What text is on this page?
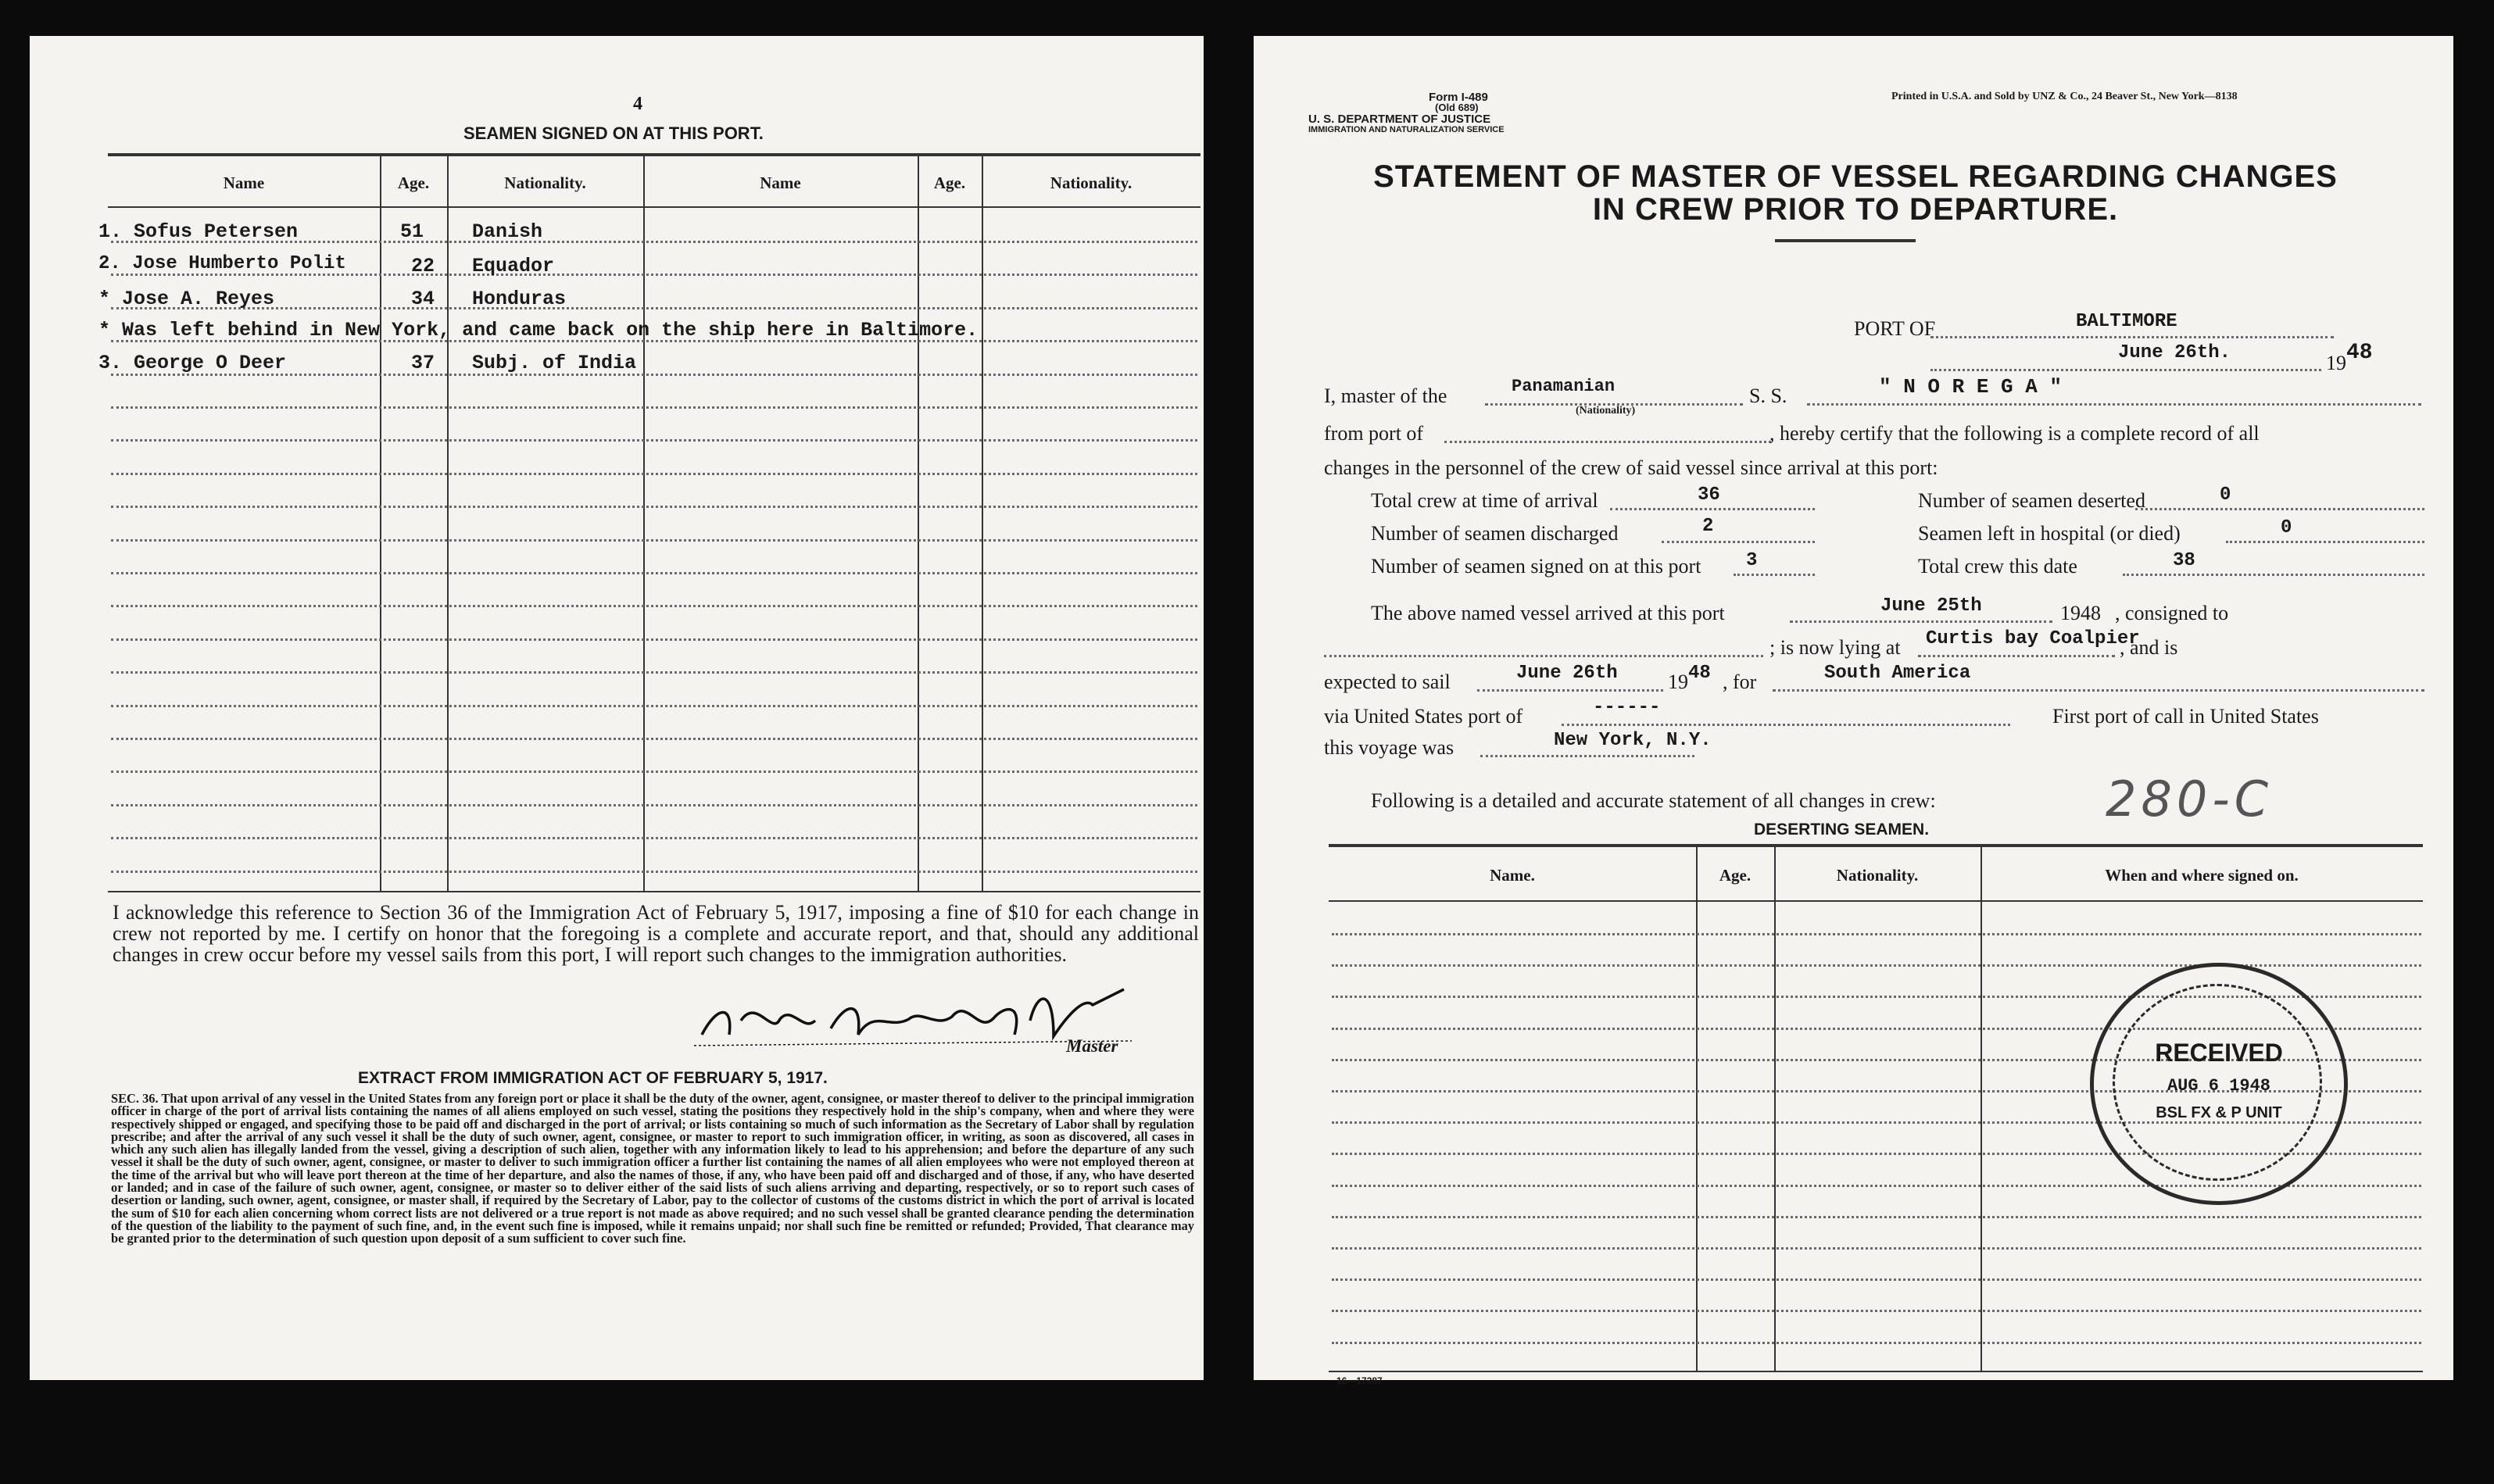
4
SEAMEN SIGNED ON AT THIS PORT.
Name	Age.	Nationality.	Name	Age.	Nationality.
1. Sofus Petersen	51 Danish
2. Jose Humberto Polit	22 Equador
* Jose A. Reyes	34 Honduras
* Was left behind in New York, and came back on the ship here in Baltimore.
3. George O Deer	37 Subj. of India
I acknowledge this reference to Section 36 of the Immigration Act of February 5, 1917, imposing a fine of $10 for each change in crew not reported by me. I certify on honor that the foregoing is a complete and accurate report, and that, should any additional changes in crew occur before my vessel sails from this port, I will report such changes to the immigration authorities.
Master
EXTRACT FROM IMMIGRATION ACT OF FEBRUARY 5, 1917.
SEC. 36. That upon arrival of any vessel in the United States from any foreign port or place it shall be the duty of the owner, agent, consignee, or master thereof to deliver to the principal immigration officer in charge of the port of arrival lists containing the names of all aliens employed on such vessel, stating the positions they respectively hold in the ship's company, when and where they were respectively shipped or engaged, and specifying those to be paid off and discharged in the port of arrival; or lists containing so much of such information as the Secretary of Labor shall by regulation prescribe; and after the arrival of any such vessel it shall be the duty of such owner, agent, consignee, or master to report to such immigration officer, in writing, as soon as discovered, all cases in which any such alien has illegally landed from the vessel, giving a description of such alien, together with any information likely to lead to his apprehension; and before the departure of any such vessel it shall be the duty of such owner, agent, consignee, or master to deliver to such immigration officer a further list containing the names of all alien employees who were not employed thereon at the time of the arrival but who will leave port thereon at the time of her departure, and also the names of those, if any, who have been paid off and discharged and of those, if any, who have deserted or landed; and in case of the failure of such owner, agent, consignee, or master so to deliver either of the said lists of such aliens arriving and departing, respectively, or so to report such cases of desertion or landing, such owner, agent, consignee, or master shall, if required by the Secretary of Labor, pay to the collector of customs of the customs district in which the port of arrival is located the sum of $10 for each alien concerning whom correct lists are not delivered or a true report is not made as above required; and no such vessel shall be granted clearance pending the determination of the question of the liability to the payment of such fine, and, in the event such fine is imposed, while it remains unpaid; nor shall such fine be remitted or refunded; Provided, That clearance may be granted prior to the determination of such question upon deposit of a sum sufficient to cover such fine.
Form I-489
(Old 689)
U. S. DEPARTMENT OF JUSTICE
IMMIGRATION AND NATURALIZATION SERVICE
Printed in U.S.A. and Sold by UNZ & Co., 24 Beaver St., New York—8138
STATEMENT OF MASTER OF VESSEL REGARDING CHANGES
IN CREW PRIOR TO DEPARTURE.
PORT OF	BALTIMORE
June 26th.	19 48
I, master of the	Panamanian
(Nationality)
S. S.	" N O R E G A "
from port of	, hereby certify that the following is a complete record of all
changes in the personnel of the crew of said vessel since arrival at this port:
Total crew at time of arrival	36	Number of seamen deserted	0
Number of seamen discharged	2	Seamen left in hospital (or died)	0
Number of seamen signed on at this port 3	Total crew this date	38
The above named vessel arrived at this port	June 25th	1948 , consigned to
; is now lying at Curtis bay Coalpier
, and is
expected to sail	June 26th 19 48 , for	South America
via United States port of	------	First port of call in United States
this voyage was	New York, N.Y.
Following is a detailed and accurate statement of all changes in crew:	280-C
DESERTING SEAMEN.
Name.	Age.	Nationality.	When and where signed on.
RECEIVED
AUG 6 1948
BSL FX & P UNIT
16—17387
